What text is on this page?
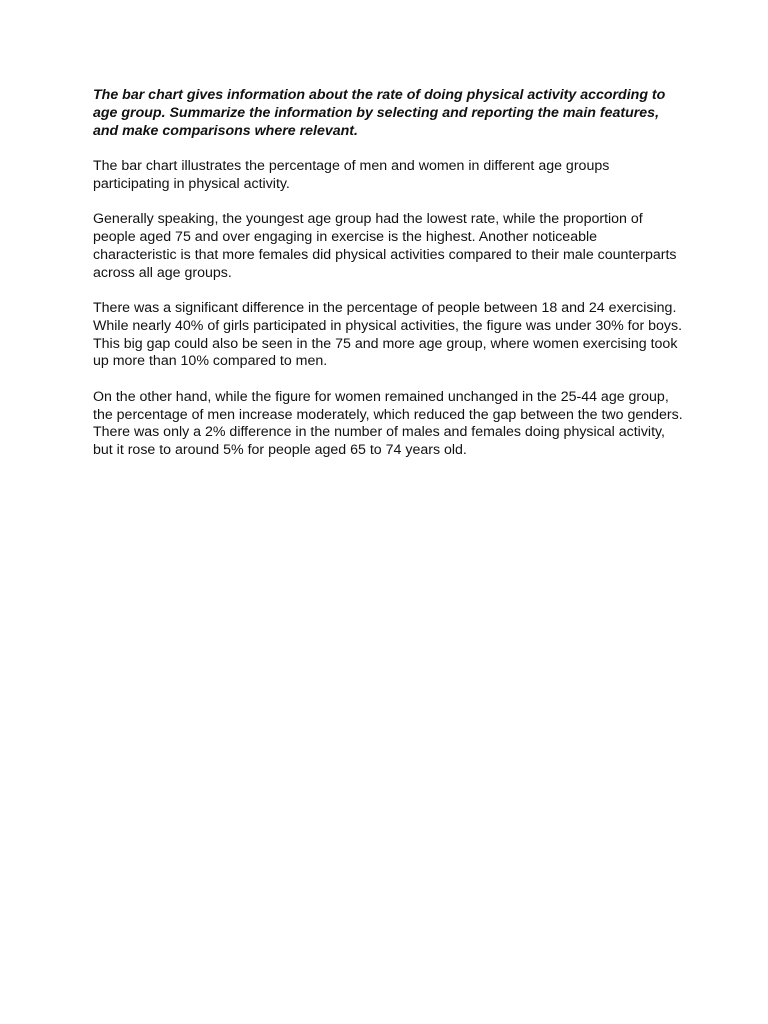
The bar chart gives information about the rate of doing physical activity according to age group. Summarize the information by selecting and reporting the main features, and make comparisons where relevant.

The bar chart illustrates the percentage of men and women in different age groups participating in physical activity.

Generally speaking, the youngest age group had the lowest rate, while the proportion of people aged 75 and over engaging in exercise is the highest. Another noticeable characteristic is that more females did physical activities compared to their male counterparts across all age groups.

There was a significant difference in the percentage of people between 18 and 24 exercising. While nearly 40% of girls participated in physical activities, the figure was under 30% for boys. This big gap could also be seen in the 75 and more age group, where women exercising took up more than 10% compared to men.

On the other hand, while the figure for women remained unchanged in the 25-44 age group, the percentage of men increase moderately, which reduced the gap between the two genders. There was only a 2% difference in the number of males and females doing physical activity, but it rose to around 5% for people aged 65 to 74 years old.
